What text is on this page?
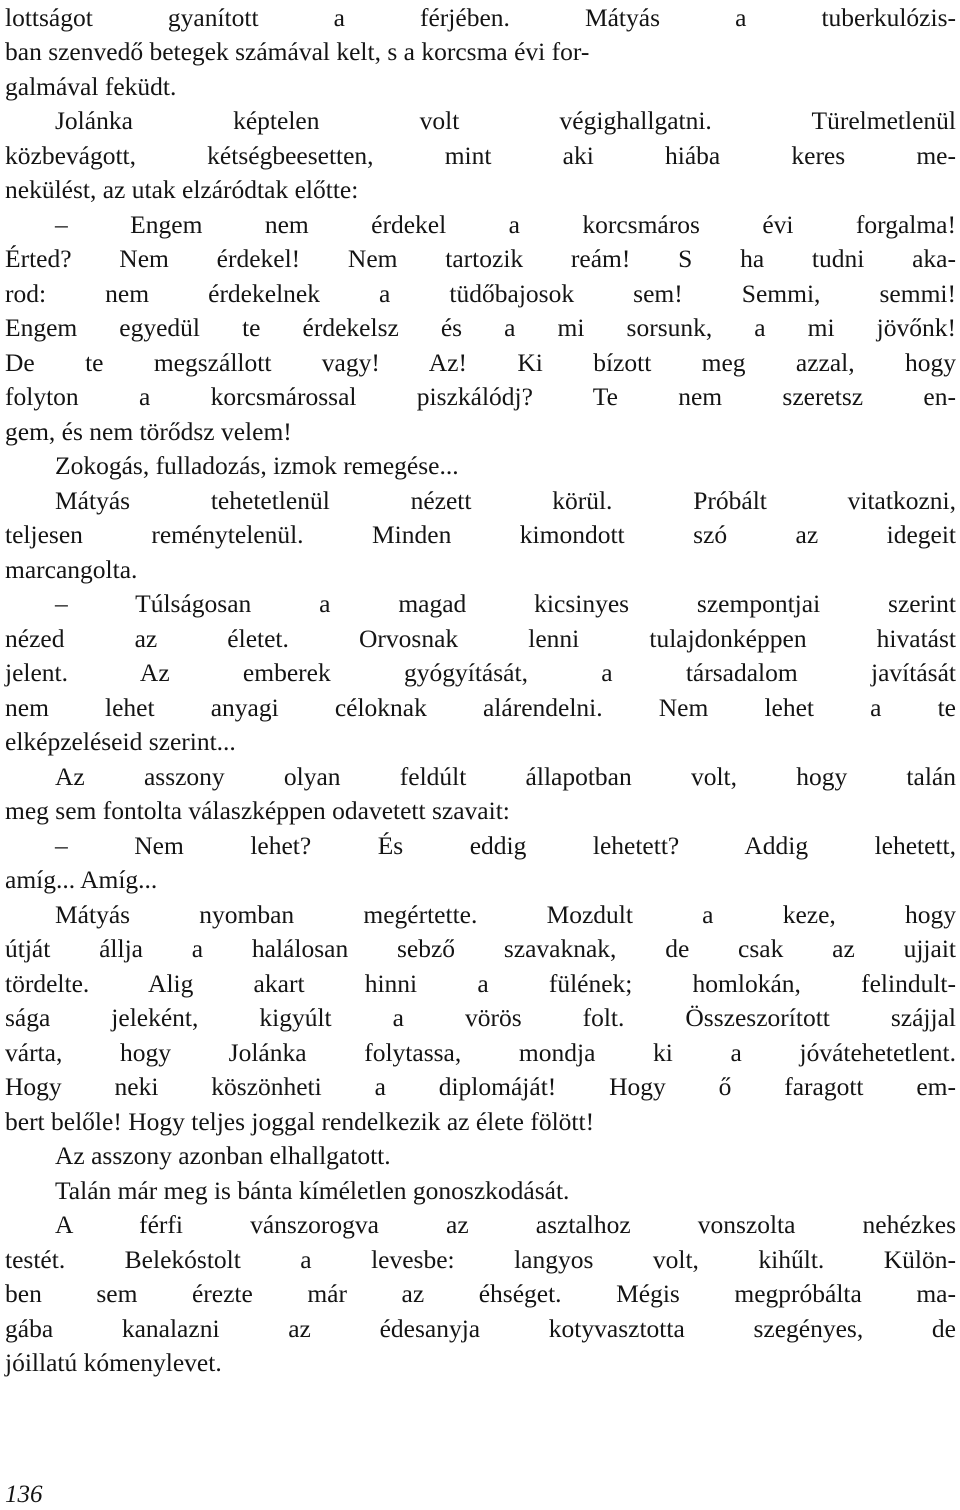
lottságot gyanított a férjében. Mátyás a tuberkulózis-
ban szenvedő betegek számával kelt, s a korcsma évi for-
galmával feküdt.
Jolánka képtelen volt végighallgatni. Türelmetlenül
közbevágott, kétségbeesetten, mint aki hiába keres me-
nekülést, az utak elzáródtak előtte:
– Engem nem érdekel a korcsmáros évi forgalma!
Érted? Nem érdekel! Nem tartozik reám! S ha tudni aka-
rod: nem érdekelnek a tüdőbajosok sem! Semmi, semmi!
Engem egyedül te érdekelsz és a mi sorsunk, a mi jövőnk!
De te megszállott vagy! Az! Ki bízott meg azzal, hogy
folyton a korcsmárossal piszkálódj? Te nem szeretsz en-
gem, és nem törődsz velem!
Zokogás, fulladozás, izmok remegése...
Mátyás tehetetlenül nézett körül. Próbált vitatkozni,
teljesen reménytelenül. Minden kimondott szó az idegeit
marcangolta.
– Túlságosan a magad kicsinyes szempontjai szerint
nézed az életet. Orvosnak lenni tulajdonképpen hivatást
jelent. Az emberek gyógyítását, a társadalom javítását
nem lehet anyagi céloknak alárendelni. Nem lehet a te
elképzeléseid szerint...
Az asszony olyan feldúlt állapotban volt, hogy talán
meg sem fontolta válaszképpen odavetett szavait:
– Nem lehet? És eddig lehetett? Addig lehetett,
amíg... Amíg...
Mátyás nyomban megértette. Mozdult a keze, hogy
útját állja a halálosan sebző szavaknak, de csak az ujjait
tördelte. Alig akart hinni a fülének; homlokán, felindult-
sága jeleként, kigyúlt a vörös folt. Összeszorított szájjal
várta, hogy Jolánka folytassa, mondja ki a jóvátehetetlent.
Hogy neki köszönheti a diplomáját! Hogy ő faragott em-
bert belőle! Hogy teljes joggal rendelkezik az élete fölött!
Az asszony azonban elhallgatott.
Talán már meg is bánta kíméletlen gonoszkodását.
A férfi vánszorogva az asztalhoz vonszolta nehézkes
testét. Belekóstolt a levesbe: langyos volt, kihűlt. Külön-
ben sem érezte már az éhséget. Mégis megpróbálta ma-
gába kanalazni az édesanyja kotyvasztotta szegényes, de
jóillatú kómenylevet.
136
